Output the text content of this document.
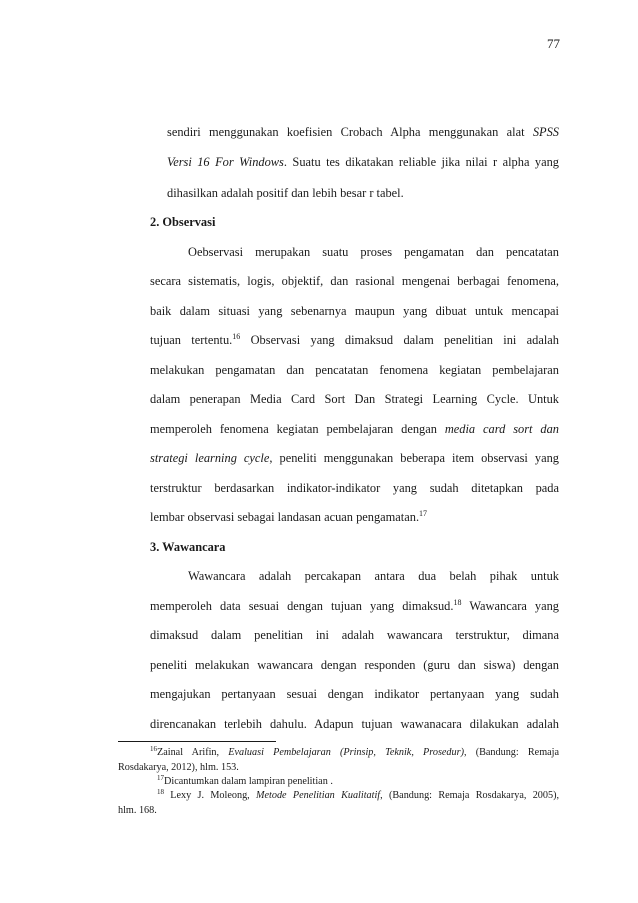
77
sendiri menggunakan koefisien Crobach Alpha menggunakan alat SPSS
Versi 16 For Windows. Suatu tes dikatakan reliable jika nilai r alpha yang
dihasilkan adalah positif dan lebih besar r tabel.
2. Observasi
Oebservasi merupakan suatu proses pengamatan dan pencatatan
secara sistematis, logis, objektif, dan rasional mengenai berbagai fenomena,
baik dalam situasi yang sebenarnya maupun yang dibuat untuk mencapai
tujuan tertentu.$^{16}$ Observasi yang dimaksud dalam penelitian ini adalah
melakukan pengamatan dan pencatatan fenomena kegiatan pembelajaran
dalam penerapan Media Card Sort Dan Strategi Learning Cycle. Untuk
memperoleh fenomena kegiatan pembelajaran dengan media card sort dan
strategi learning cycle, peneliti menggunakan beberapa item observasi yang
terstruktur berdasarkan indikator-indikator yang sudah ditetapkan pada
lembar observasi sebagai landasan acuan pengamatan.$^{17}$
3. Wawancara
Wawancara adalah percakapan antara dua belah pihak untuk
memperoleh data sesuai dengan tujuan yang dimaksud.$^{18}$ Wawancara yang
dimaksud dalam penelitian ini adalah wawancara terstruktur, dimana
peneliti melakukan wawancara dengan responden (guru dan siswa) dengan
mengajukan pertanyaan sesuai dengan indikator pertanyaan yang sudah
direncanakan terlebih dahulu. Adapun tujuan wawanacara dilakukan adalah
$^{16}$Zainal Arifin, Evaluasi Pembelajaran (Prinsip, Teknik, Prosedur), (Bandung: Remaja
Rosdakarya, 2012), hlm. 153.
$^{17}$Dicantumkan dalam lampiran penelitian .
$^{18}$ Lexy J. Moleong, Metode Penelitian Kualitatif, (Bandung: Remaja Rosdakarya, 2005),
hlm. 168.
